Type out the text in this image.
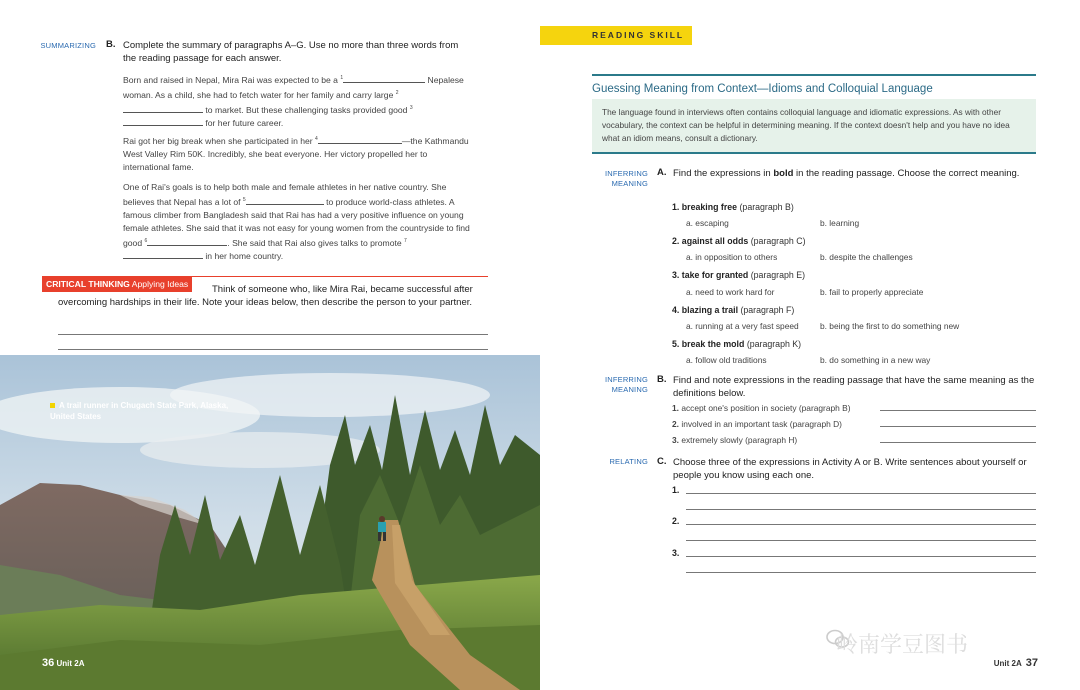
SUMMARIZING B. Complete the summary of paragraphs A–G. Use no more than three words from the reading passage for each answer.
Born and raised in Nepal, Mira Rai was expected to be a $^1$	Nepalese woman. As a child, she had to fetch water for her family and carry large $^2$ to market. But these challenging tasks provided good $^3$ for her future career.
Rai got her big break when she participated in her $^4$	—the Kathmandu West Valley Rim 50K. Incredibly, she beat everyone. Her victory propelled her to international fame.
One of Rai's goals is to help both male and female athletes in her native country. She believes that Nepal has a lot of $^5$	to produce world-class athletes. A famous climber from Bangladesh said that Rai has had a very positive influence on young female athletes. She said that it was not easy for young women from the countryside to find good $^6$	. She said that Rai also gives talks to promote $^7$ in her home country.
CRITICAL THINKING Applying Ideas	Think of someone who, like Mira Rai, became successful after overcoming hardships in their life. Note your ideas below, then describe the person to your partner.
A trail runner in Chugach State Park, Alaska, United States
36 Unit 2A
READING SKILL
Guessing Meaning from Context—Idioms and Colloquial Language
The language found in interviews often contains colloquial language and idiomatic expressions. As with other vocabulary, the context can be helpful in determining meaning. If the context doesn't help and you have no idea what an idiom means, consult a dictionary.
INFERRING
MEANING
A. Find the expressions in bold in the reading passage. Choose the correct meaning.
1. breaking free (paragraph B)
a. escaping	b. learning
2. against all odds (paragraph C)
a. in opposition to others	b. despite the challenges
3. take for granted (paragraph E)
a. need to work hard for	b. fail to properly appreciate
4. blazing a trail (paragraph F)
a. running at a very fast speed	b. being the first to do something new
5. break the mold (paragraph K)
a. follow old traditions	b. do something in a new way
INFERRING
MEANING
B. Find and note expressions in the reading passage that have the same meaning as the definitions below.
1. accept one's position in society (paragraph B)
2. involved in an important task (paragraph D)
3. extremely slowly (paragraph H)
RELATING C. Choose three of the expressions in Activity A or B. Write sentences about yourself or people you know using each one.
1.
2.
3.
岭南学豆图书
Unit 2A 37
